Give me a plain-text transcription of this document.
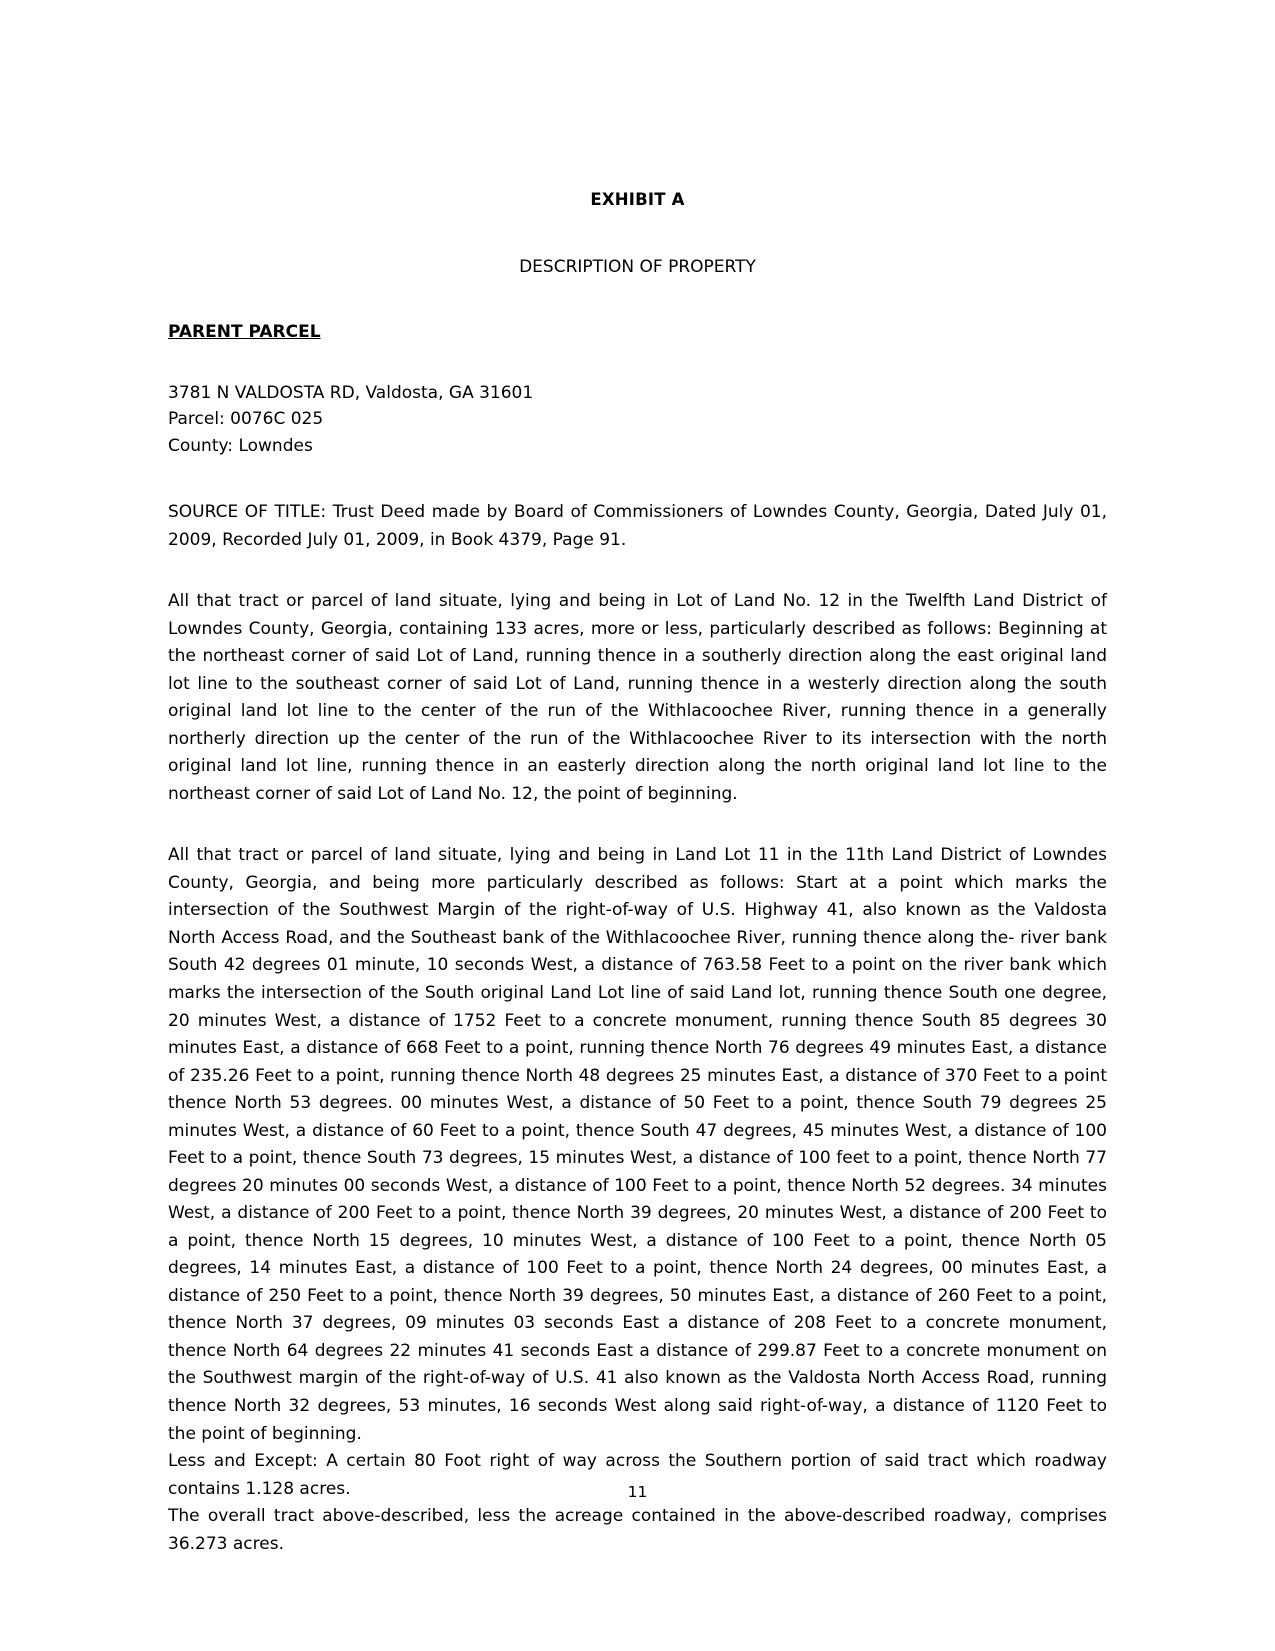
EXHIBIT A
DESCRIPTION OF PROPERTY
PARENT PARCEL
3781 N VALDOSTA RD, Valdosta, GA 31601
Parcel: 0076C 025
County: Lowndes

SOURCE OF TITLE: Trust Deed made by Board of Commissioners of Lowndes County, Georgia, Dated July 01, 2009, Recorded July 01, 2009, in Book 4379, Page 91.

All that tract or parcel of land situate, lying and being in Lot of Land No. 12 in the Twelfth Land District of Lowndes County, Georgia, containing 133 acres, more or less, particularly described as follows: Beginning at the northeast corner of said Lot of Land, running thence in a southerly direction along the east original land lot line to the southeast corner of said Lot of Land, running thence in a westerly direction along the south original land lot line to the center of the run of the Withlacoochee River, running thence in a generally northerly direction up the center of the run of the Withlacoochee River to its intersection with the north original land lot line, running thence in an easterly direction along the north original land lot line to the northeast corner of said Lot of Land No. 12, the point of beginning.

All that tract or parcel of land situate, lying and being in Land Lot 11 in the 11th Land District of Lowndes County, Georgia, and being more particularly described as follows: Start at a point which marks the intersection of the Southwest Margin of the right-of-way of U.S. Highway 41, also known as the Valdosta North Access Road, and the Southeast bank of the Withlacoochee River, running thence along the- river bank South 42 degrees 01 minute, 10 seconds West, a distance of 763.58 Feet to a point on the river bank which marks the intersection of the South original Land Lot line of said Land lot, running thence South one degree, 20 minutes West, a distance of 1752 Feet to a concrete monument, running thence South 85 degrees 30 minutes East, a distance of 668 Feet to a point, running thence North 76 degrees 49 minutes East, a distance of 235.26 Feet to a point, running thence North 48 degrees 25 minutes East, a distance of 370 Feet to a point thence North 53 degrees. 00 minutes West, a distance of 50 Feet to a point, thence South 79 degrees 25 minutes West, a distance of 60 Feet to a point, thence South 47 degrees, 45 minutes West, a distance of 100 Feet to a point, thence South 73 degrees, 15 minutes West, a distance of 100 feet to a point, thence North 77 degrees 20 minutes 00 seconds West, a distance of 100 Feet to a point, thence North 52 degrees. 34 minutes West, a distance of 200 Feet to a point, thence North 39 degrees, 20 minutes West, a distance of 200 Feet to a point, thence North 15 degrees, 10 minutes West, a distance of 100 Feet to a point, thence North 05 degrees, 14 minutes East, a distance of 100 Feet to a point, thence North 24 degrees, 00 minutes East, a distance of 250 Feet to a point, thence North 39 degrees, 50 minutes East, a distance of 260 Feet to a point, thence North 37 degrees, 09 minutes 03 seconds East a distance of 208 Feet to a concrete monument, thence North 64 degrees 22 minutes 41 seconds East a distance of 299.87 Feet to a concrete monument on the Southwest margin of the right-of-way of U.S. 41 also known as the Valdosta North Access Road, running thence North 32 degrees, 53 minutes, 16 seconds West along said right-of-way, a distance of 1120 Feet to the point of beginning.

Less and Except: A certain 80 Foot right of way across the Southern portion of said tract which roadway contains 1.128 acres.

The overall tract above-described, less the acreage contained in the above-described roadway, comprises 36.273 acres.

11
